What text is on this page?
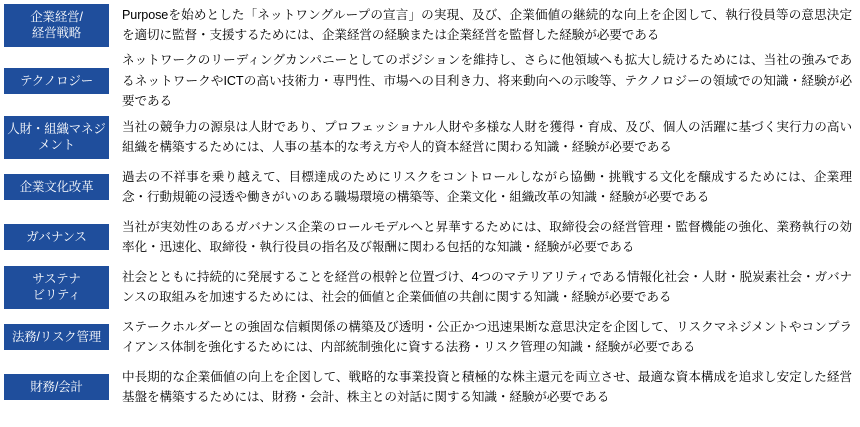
企業経営/
経営戦略
Purposeを始めとした「ネットワングループの宣言」の実現、及び、企業価値の継続的な向上を企図して、執行役員等の意思決定を適切に監督・支援するためには、企業経営の経験または企業経営を監督した経験が必要である
テクノロジー
ネットワークのリーディングカンパニーとしてのポジションを維持し、さらに他領域へも拡大し続けるためには、当社の強みであるネットワークやICTの高い技術力・専門性、市場への目利き力、将来動向への示唆等、テクノロジーの領域での知識・経験が必要である
人財・組織マネジメント
当社の競争力の源泉は人財であり、プロフェッショナル人財や多様な人財を獲得・育成、及び、個人の活躍に基づく実行力の高い組織を構築するためには、人事の基本的な考え方や人的資本経営に関わる知識・経験が必要である
企業文化改革
過去の不祥事を乗り越えて、目標達成のためにリスクをコントロールしながら協働・挑戦する文化を醸成するためには、企業理念・行動規範の浸透や働きがいのある職場環境の構築等、企業文化・組織改革の知識・経験が必要である
ガバナンス
当社が実効性のあるガバナンス企業のロールモデルへと昇華するためには、取締役会の経営管理・監督機能の強化、業務執行の効率化・迅速化、取締役・執行役員の指名及び報酬に関わる包括的な知識・経験が必要である
サステナ
ビリティ
社会とともに持続的に発展することを経営の根幹と位置づけ、4つのマテリアリティである情報化社会・人財・脱炭素社会・ガバナンスの取組みを加速するためには、社会的価値と企業価値の共創に関する知識・経験が必要である
法務/リスク管理
ステークホルダーとの強固な信頼関係の構築及び透明・公正かつ迅速果断な意思決定を企図して、リスクマネジメントやコンプライアンス体制を強化するためには、内部統制強化に資する法務・リスク管理の知識・経験が必要である
財務/会計
中長期的な企業価値の向上を企図して、戦略的な事業投資と積極的な株主還元を両立させ、最適な資本構成を追求し安定した経営基盤を構築するためには、財務・会計、株主との対話に関する知識・経験が必要である
